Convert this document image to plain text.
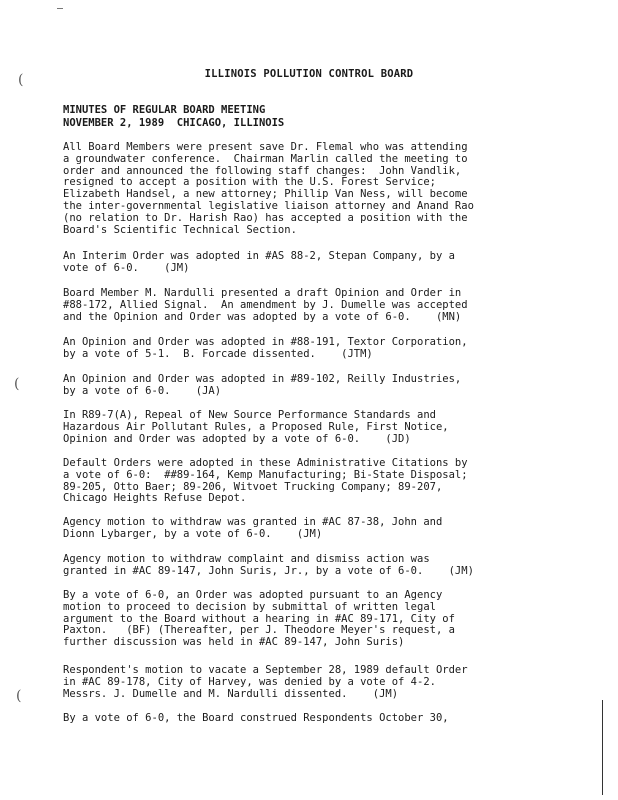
(
(
(
ILLINOIS POLLUTION CONTROL BOARD
MINUTES OF REGULAR BOARD MEETING
NOVEMBER 2, 1989  CHICAGO, ILLINOIS
All Board Members were present save Dr. Flemal who was attending
a groundwater conference.  Chairman Marlin called the meeting to
order and announced the following staff changes:  John Vandlik,
resigned to accept a position with the U.S. Forest Service;
Elizabeth Handsel, a new attorney; Phillip Van Ness, will become
the inter-governmental legislative liaison attorney and Anand Rao
(no relation to Dr. Harish Rao) has accepted a position with the
Board's Scientific Technical Section.
An Interim Order was adopted in #AS 88-2, Stepan Company, by a
vote of 6-0.    (JM)
Board Member M. Nardulli presented a draft Opinion and Order in
#88-172, Allied Signal.  An amendment by J. Dumelle was accepted
and the Opinion and Order was adopted by a vote of 6-0.    (MN)
An Opinion and Order was adopted in #88-191, Textor Corporation,
by a vote of 5-1.  B. Forcade dissented.    (JTM)
An Opinion and Order was adopted in #89-102, Reilly Industries,
by a vote of 6-0.    (JA)
In R89-7(A), Repeal of New Source Performance Standards and
Hazardous Air Pollutant Rules, a Proposed Rule, First Notice,
Opinion and Order was adopted by a vote of 6-0.    (JD)
Default Orders were adopted in these Administrative Citations by
a vote of 6-0:  ##89-164, Kemp Manufacturing; Bi-State Disposal;
89-205, Otto Baer; 89-206, Witvoet Trucking Company; 89-207,
Chicago Heights Refuse Depot.
Agency motion to withdraw was granted in #AC 87-38, John and
Dionn Lybarger, by a vote of 6-0.    (JM)
Agency motion to withdraw complaint and dismiss action was
granted in #AC 89-147, John Suris, Jr., by a vote of 6-0.    (JM)
By a vote of 6-0, an Order was adopted pursuant to an Agency
motion to proceed to decision by submittal of written legal
argument to the Board without a hearing in #AC 89-171, City of
Paxton.   (BF) (Thereafter, per J. Theodore Meyer's request, a
further discussion was held in #AC 89-147, John Suris)
Respondent's motion to vacate a September 28, 1989 default Order
in #AC 89-178, City of Harvey, was denied by a vote of 4-2.
Messrs. J. Dumelle and M. Nardulli dissented.    (JM)
By a vote of 6-0, the Board construed Respondents October 30,
